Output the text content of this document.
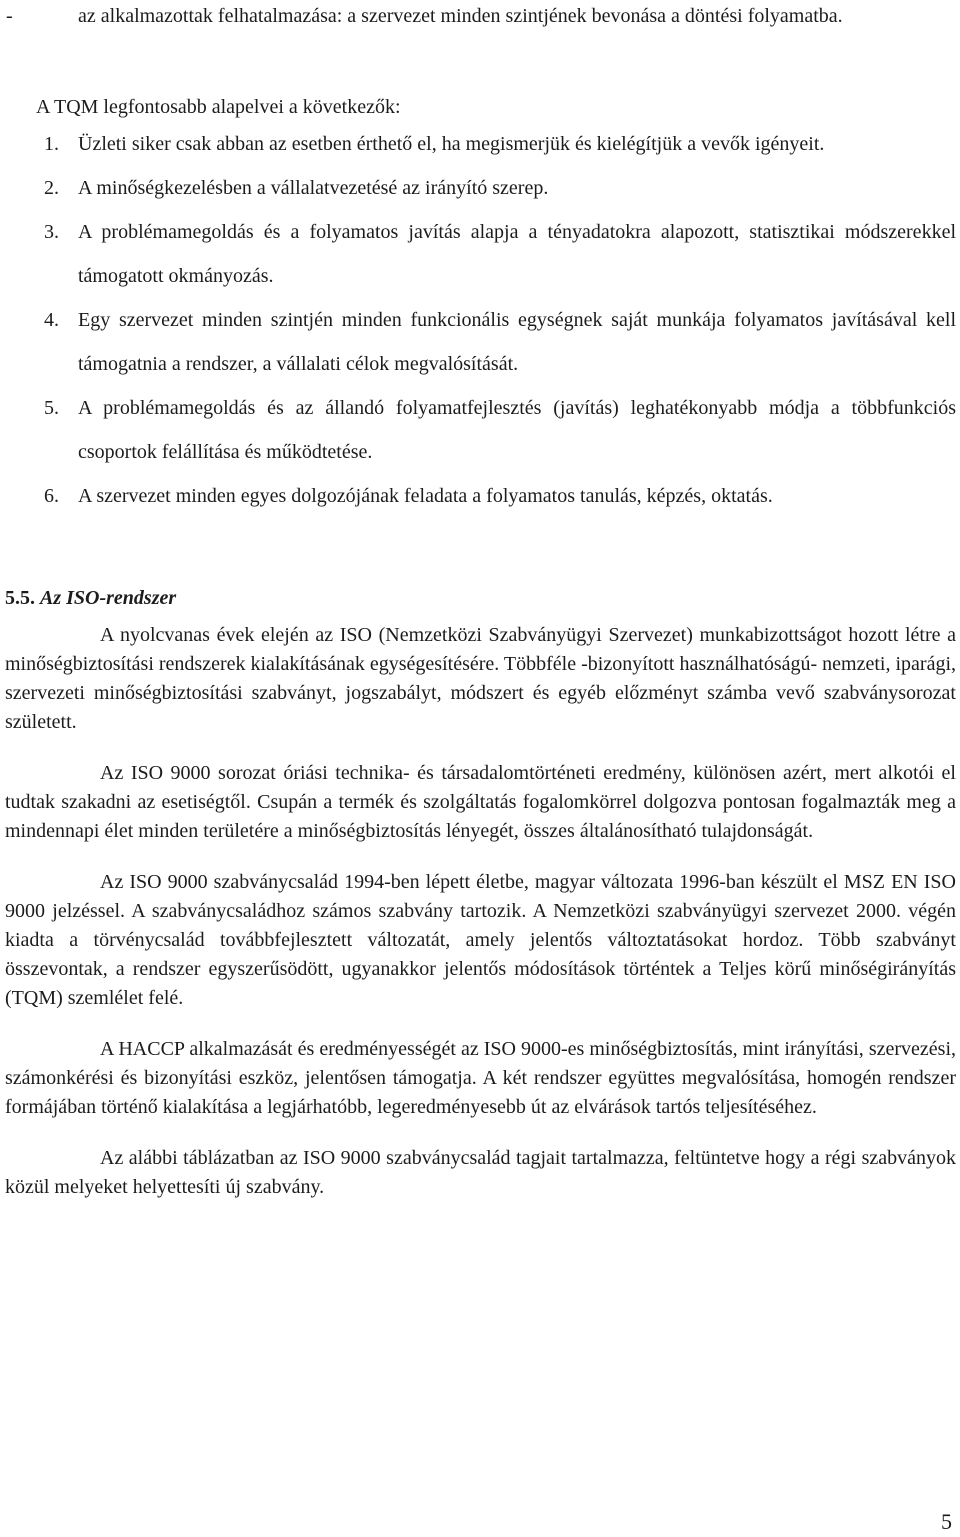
-	az alkalmazottak felhatalmazása: a szervezet minden szintjének bevonása a döntési folyamatba.
A TQM legfontosabb alapelvei a következők:
1. Üzleti siker csak abban az esetben érthető el, ha megismerjük és kielégítjük a vevők igényeit.
2. A minőségkezelésben a vállalatvezetésé az irányító szerep.
3. A problémamegoldás és a folyamatos javítás alapja a tényadatokra alapozott, statisztikai módszerekkel támogatott okmányozás.
4. Egy szervezet minden szintjén minden funkcionális egységnek saját munkája folyamatos javításával kell támogatnia a rendszer, a vállalati célok megvalósítását.
5. A problémamegoldás és az állandó folyamatfejlesztés (javítás) leghatékonyabb módja a többfunkciós csoportok felállítása és működtetése.
6. A szervezet minden egyes dolgozójának feladata a folyamatos tanulás, képzés, oktatás.
5.5. Az ISO-rendszer

A nyolcvanas évek elején az ISO (Nemzetközi Szabványügyi Szervezet) munkabizottságot hozott létre a minőségbiztosítási rendszerek kialakításának egységesítésére. Többféle -bizonyított használhatóságú- nemzeti, iparági, szervezeti minőségbiztosítási szabványt, jogszabályt, módszert és egyéb előzményt számba vevő szabványsorozat született.

Az ISO 9000 sorozat óriási technika- és társadalomtörténeti eredmény, különösen azért, mert alkotói el tudtak szakadni az esetiségtől. Csupán a termék és szolgáltatás fogalomkörrel dolgozva pontosan fogalmazták meg a mindennapi élet minden területére a minőségbiztosítás lényegét, összes általánosítható tulajdonságát.

Az ISO 9000 szabványcsalád 1994-ben lépett életbe, magyar változata 1996-ban készült el MSZ EN ISO 9000 jelzéssel. A szabványcsaládhoz számos szabvány tartozik. A Nemzetközi szabványügyi szervezet 2000. végén kiadta a törvénycsalád továbbfejlesztett változatát, amely jelentős változtatásokat hordoz. Több szabványt összevontak, a rendszer egyszerűsödött, ugyanakkor jelentős módosítások történtek a Teljes körű minőségirányítás (TQM) szemlélet felé.

A HACCP alkalmazását és eredményességét az ISO 9000-es minőségbiztosítás, mint irányítási, szervezési, számonkérési és bizonyítási eszköz, jelentősen támogatja. A két rendszer együttes megvalósítása, homogén rendszer formájában történő kialakítása a legjárhatóbb, legeredményesebb út az elvárások tartós teljesítéséhez.

Az alábbi táblázatban az ISO 9000 szabványcsalád tagjait tartalmazza, feltüntetve hogy a régi szabványok közül melyeket helyettesíti új szabvány.

5
